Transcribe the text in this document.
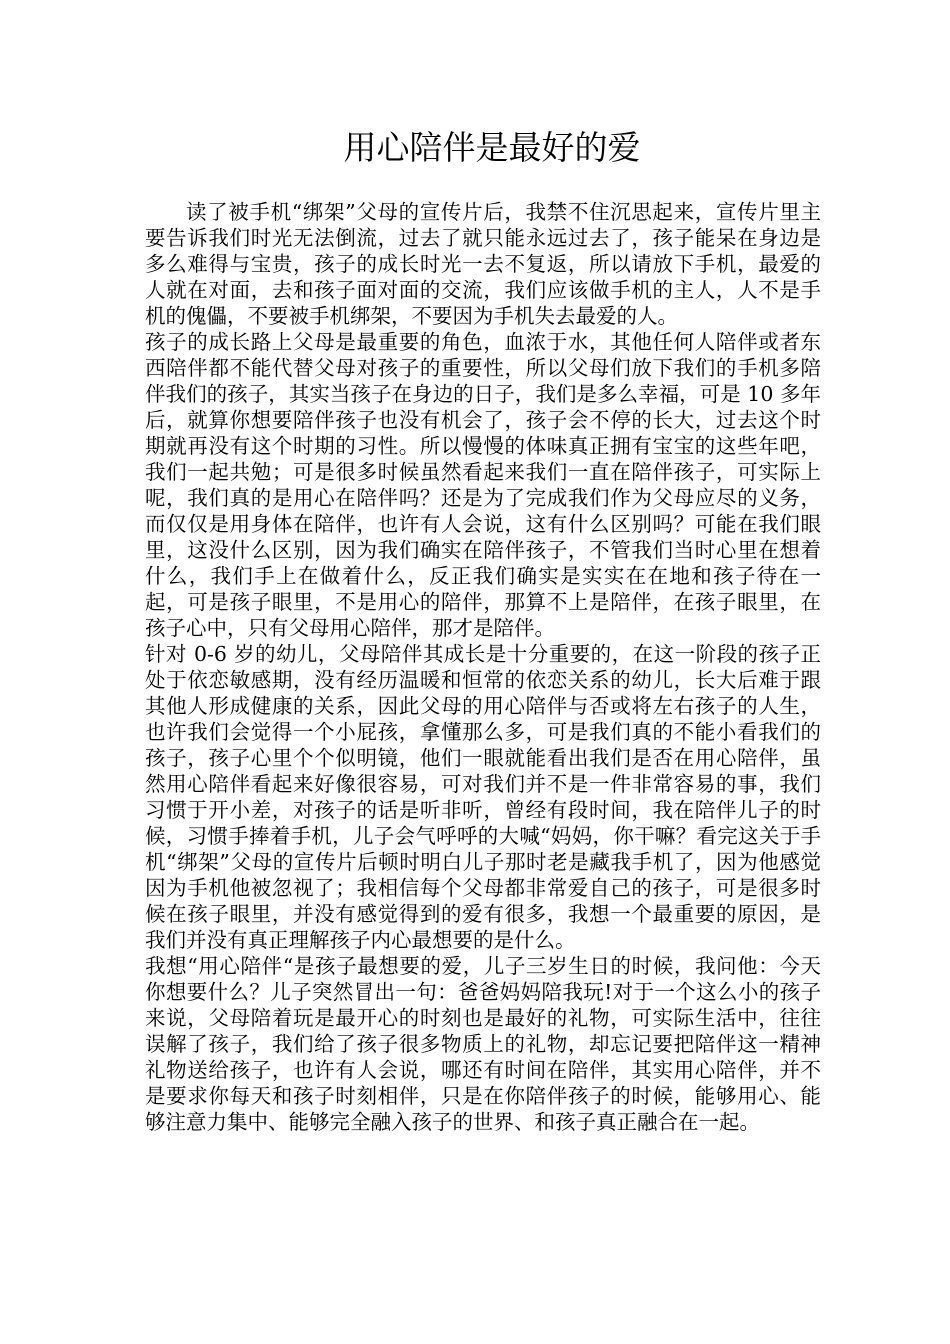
用心陪伴是最好的爱

读了被手机“绑架”父母的宣传片后，我禁不住沉思起来，宣传片里主要告诉我们时光无法倒流，过去了就只能永远过去了，孩子能呆在身边是多么难得与宝贵，孩子的成长时光一去不复返，所以请放下手机，最爱的人就在对面，去和孩子面对面的交流，我们应该做手机的主人，人不是手机的傀儡，不要被手机绑架，不要因为手机失去最爱的人。

孩子的成长路上父母是最重要的角色，血浓于水，其他任何人陪伴或者东西陪伴都不能代替父母对孩子的重要性，所以父母们放下我们的手机多陪伴我们的孩子，其实当孩子在身边的日子，我们是多么幸福，可是 10 多年后，就算你想要陪伴孩子也没有机会了，孩子会不停的长大，过去这个时期就再没有这个时期的习性。所以慢慢的体味真正拥有宝宝的这些年吧，我们一起共勉；可是很多时候虽然看起来我们一直在陪伴孩子，可实际上呢，我们真的是用心在陪伴吗？还是为了完成我们作为父母应尽的义务，而仅仅是用身体在陪伴，也许有人会说，这有什么区别吗？可能在我们眼里，这没什么区别，因为我们确实在陪伴孩子，不管我们当时心里在想着什么，我们手上在做着什么，反正我们确实是实实在在地和孩子待在一起，可是孩子眼里，不是用心的陪伴，那算不上是陪伴，在孩子眼里，在孩子心中，只有父母用心陪伴，那才是陪伴。

针对 0-6 岁的幼儿，父母陪伴其成长是十分重要的，在这一阶段的孩子正处于依恋敏感期，没有经历温暖和恒常的依恋关系的幼儿，长大后难于跟其他人形成健康的关系，因此父母的用心陪伴与否或将左右孩子的人生，也许我们会觉得一个小屁孩，拿懂那么多，可是我们真的不能小看我们的孩子，孩子心里个个似明镜，他们一眼就能看出我们是否在用心陪伴，虽然用心陪伴看起来好像很容易，可对我们并不是一件非常容易的事，我们习惯于开小差，对孩子的话是听非听，曾经有段时间，我在陪伴儿子的时候，习惯手捧着手机，儿子会气呼呼的大喊“妈妈，你干嘛？看完这关于手机“绑架”父母的宣传片后顿时明白儿子那时老是藏我手机了，因为他感觉因为手机他被忽视了；我相信每个父母都非常爱自己的孩子，可是很多时候在孩子眼里，并没有感觉得到的爱有很多，我想一个最重要的原因，是我们并没有真正理解孩子内心最想要的是什么。

我想“用心陪伴“是孩子最想要的爱，儿子三岁生日的时候，我问他：今天你想要什么？儿子突然冒出一句：爸爸妈妈陪我玩!对于一个这么小的孩子来说，父母陪着玩是最开心的时刻也是最好的礼物，可实际生活中，往往误解了孩子，我们给了孩子很多物质上的礼物，却忘记要把陪伴这一精神礼物送给孩子，也许有人会说，哪还有时间在陪伴，其实用心陪伴，并不是要求你每天和孩子时刻相伴，只是在你陪伴孩子的时候，能够用心、能够注意力集中、能够完全融入孩子的世界、和孩子真正融合在一起。
